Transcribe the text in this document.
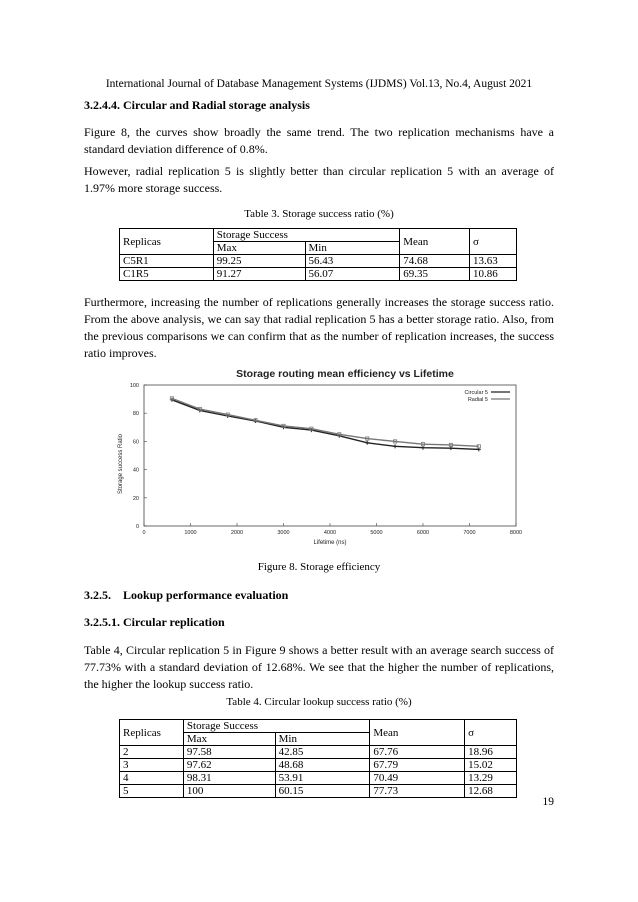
International Journal of Database Management Systems (IJDMS) Vol.13, No.4, August 2021
3.2.4.4. Circular and Radial storage analysis
Figure 8, the curves show broadly the same trend. The two replication mechanisms have a standard deviation difference of 0.8%.
However, radial replication 5 is slightly better than circular replication 5 with an average of 1.97% more storage success.
Table 3. Storage success ratio (%)
Replicas	Storage Success		Mean	σ
	Max	Min		
C5R1	99.25	56.43	74.68	13.63
C1R5	91.27	56.07	69.35	10.86
Furthermore, increasing the number of replications generally increases the storage success ratio. From the above analysis, we can say that radial replication 5 has a better storage ratio. Also, from the previous comparisons we can confirm that as the number of replication increases, the success ratio improves.
Storage routing mean efficiency vs Lifetime
0	1000	2000	3000	4000	5000	6000	7000	8000
0
20
40
60
80
100
Lifetime (ns)
Storage success Ratio
Circular 5
Radial 5
Figure 8. Storage efficiency
3.2.5. Lookup performance evaluation
3.2.5.1. Circular replication
Table 4, Circular replication 5 in Figure 9 shows a better result with an average search success of 77.73% with a standard deviation of 12.68%. We see that the higher the number of replications, the higher the lookup success ratio.
Table 4. Circular lookup success ratio (%)
Replicas	Storage Success		Mean	σ
	Max	Min		
2	97.58	42.85	67.76	18.96
3	97.62	48.68	67.79	15.02
4	98.31	53.91	70.49	13.29
5	100	60.15	77.73	12.68
19
